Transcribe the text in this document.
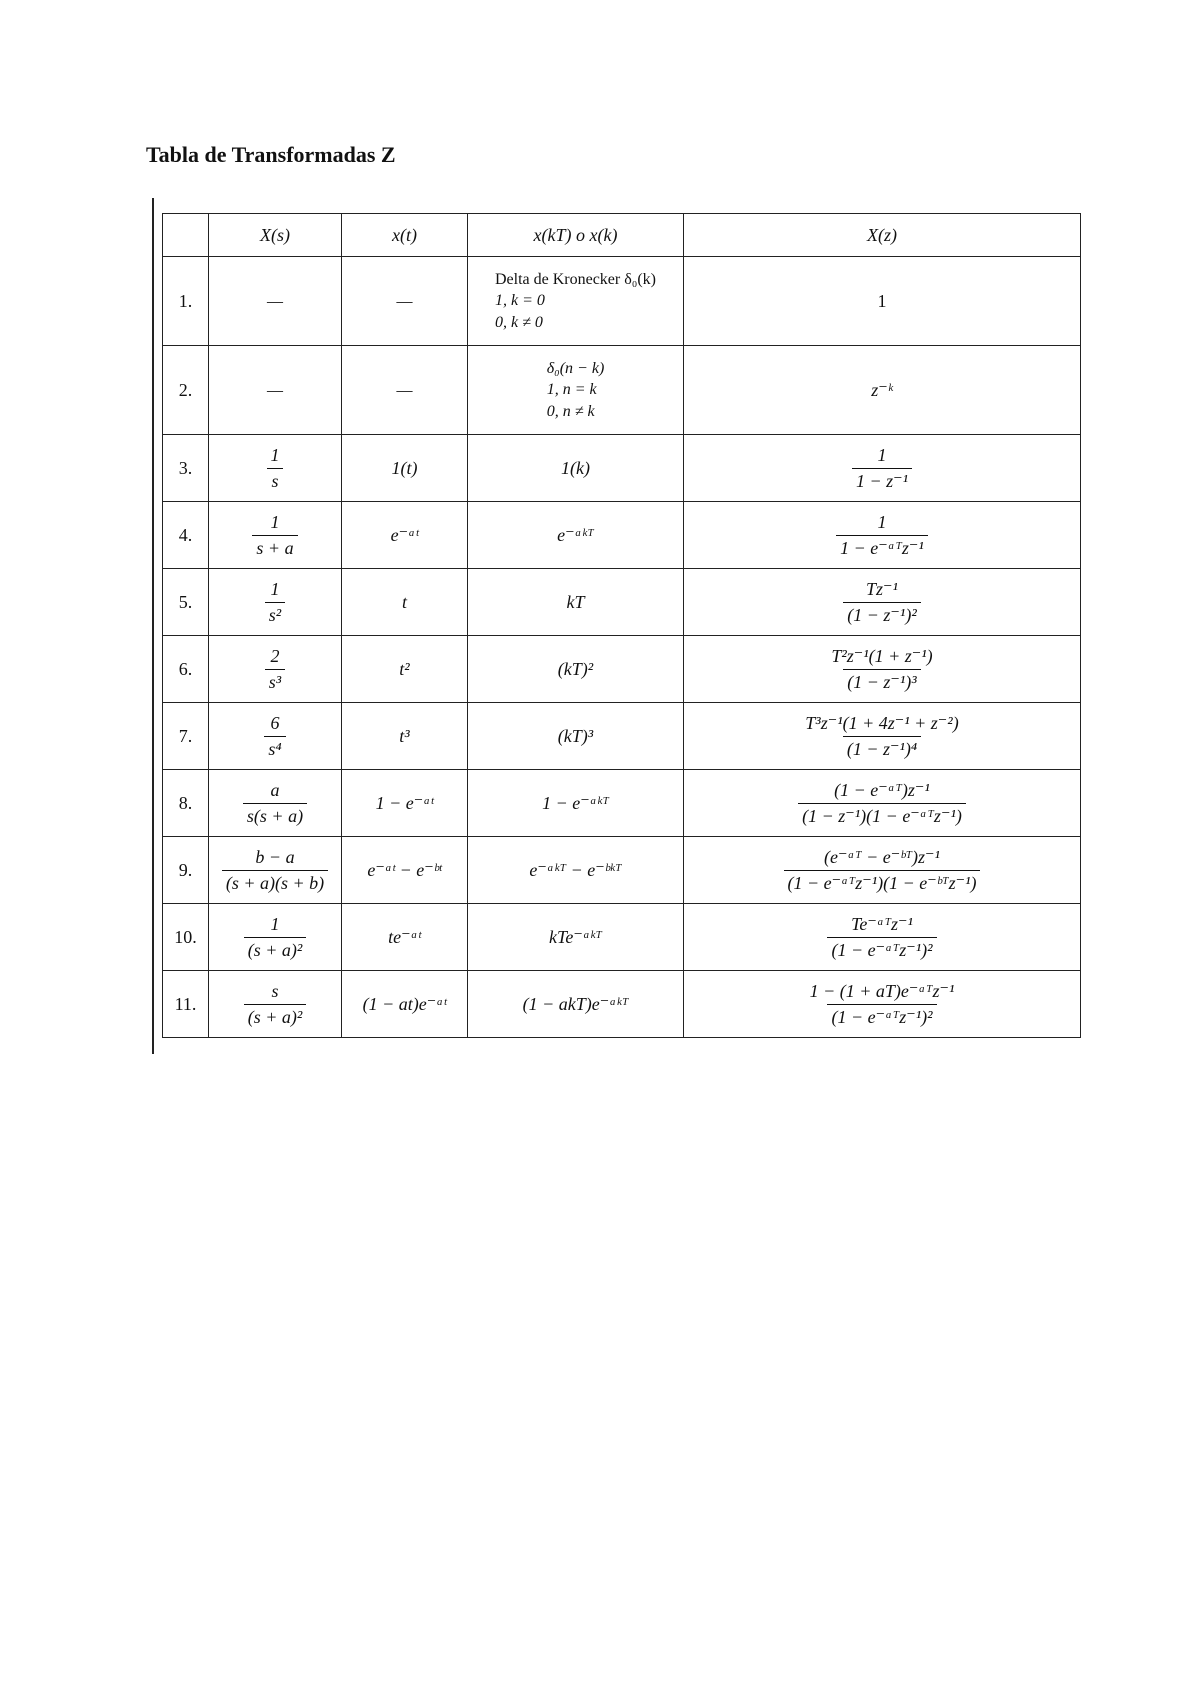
Tabla de Transformadas Z
	X(s)	x(t)	x(kT) o x(k)	X(z)
1.	—	—	Delta de Kronecker δ₀(k)
1, k = 0
0, k ≠ 0	1
2.	—	—	δ₀(n − k)
1, n = k
0, n ≠ k	z⁻ᵏ
3.	$\frac{1}{s}$	1(t)	1(k)	$\frac{1}{\text{1 − z⁻¹}}$

4.	$\frac{1}{s + a}$	e⁻ᵃᵗ	e⁻ᵃᵏᵀ	$\frac{1}{\text{1 − e⁻ᵃᵀz⁻¹}}$

5.	$\frac{1}{\text{s²}}$	t	kT	$\frac{\text{Tz⁻¹}}{\text{(1 − z⁻¹)²}}$

6.	$\frac{2}{\text{s³}}$	t²	(kT)²	$\frac{\text{T²z⁻¹(1 + z⁻¹)}}{\text{(1 − z⁻¹)³}}$

7.	$\frac{6}{\text{s⁴}}$	t³	(kT)³	$\frac{\text{T³z⁻¹(1 + 4z⁻¹ + z⁻²)}}{\text{(1 − z⁻¹)⁴}}$

8.	$\frac{a}{s(s + a)}$	1 − e⁻ᵃᵗ	1 − e⁻ᵃᵏᵀ	$\frac{\text{(1 − e⁻ᵃᵀ)z⁻¹}}{\text{(1 − z⁻¹)(1 − e⁻ᵃᵀz⁻¹)}}$

9.	$\frac{b - a}{(s + a)(s + b)}$	e⁻ᵃᵗ − e⁻ᵇᵗ	e⁻ᵃᵏᵀ − e⁻ᵇᵏᵀ	$\frac{\text{(e⁻ᵃᵀ − e⁻ᵇᵀ)z⁻¹}}{\text{(1 − e⁻ᵃᵀz⁻¹)(1 − e⁻ᵇᵀz⁻¹)}}$

10.	$\frac{1}{\text{(s + a)²}}$	te⁻ᵃᵗ	kTe⁻ᵃᵏᵀ	$\frac{\text{Te⁻ᵃᵀz⁻¹}}{\text{(1 − e⁻ᵃᵀz⁻¹)²}}$

11.	$\frac{s}{\text{(s + a)²}}$	(1 − at)e⁻ᵃᵗ	(1 − akT)e⁻ᵃᵏᵀ	$\frac{\text{1 − (1 + aT)e⁻ᵃᵀz⁻¹}}{\text{(1 − e⁻ᵃᵀz⁻¹)²}}$
